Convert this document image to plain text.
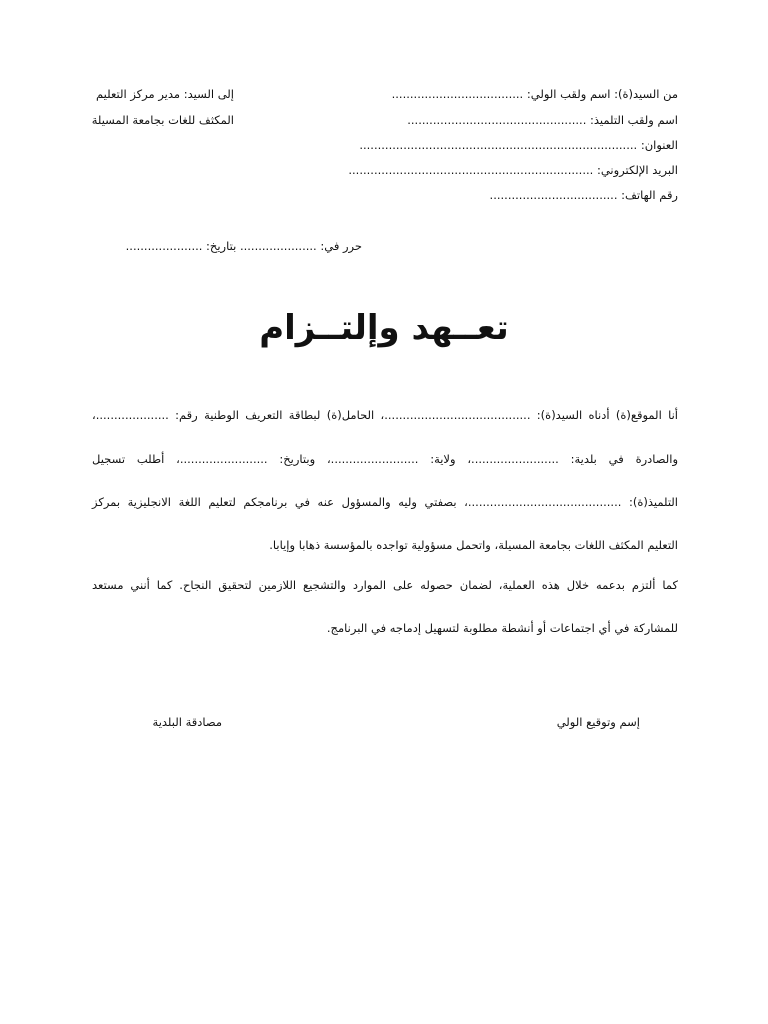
من السيد(ة): اسم ولقب الولي: ....................................
إلى السيد: مدير مركز التعليم
اسم ولقب التلميذ: .................................................
المكثف للغات بجامعة المسيلة
العنوان: ............................................................................
البريد الإلكتروني: ...................................................................
رقم الهاتف: ...................................
حرر في: ..................... بتاريخ: .....................
تعــهد وإلتــزام
أنا الموقع(ة) أدناه السيد(ة): ........................................، الحامل(ة) لبطاقة التعريف الوطنية رقم: ....................،
والصادرة في بلدية: ........................، ولاية: ........................، وبتاريخ: ........................، أطلب تسجيل
التلميذ(ة): ..........................................، بصفتي وليه والمسؤول عنه في برنامجكم لتعليم اللغة الانجليزية بمركز
التعليم المكثف اللغات بجامعة المسيلة، واتحمل مسؤولية تواجده بالمؤسسة ذهابا وإيابا.
كما ألتزم بدعمه خلال هذه العملية، لضمان حصوله على الموارد والتشجيع اللازمين لتحقيق النجاح. كما أنني مستعد
للمشاركة في أي اجتماعات أو أنشطة مطلوبة لتسهيل إدماجه في البرنامج.
إسم وتوقيع الولي
مصادقة البلدية
